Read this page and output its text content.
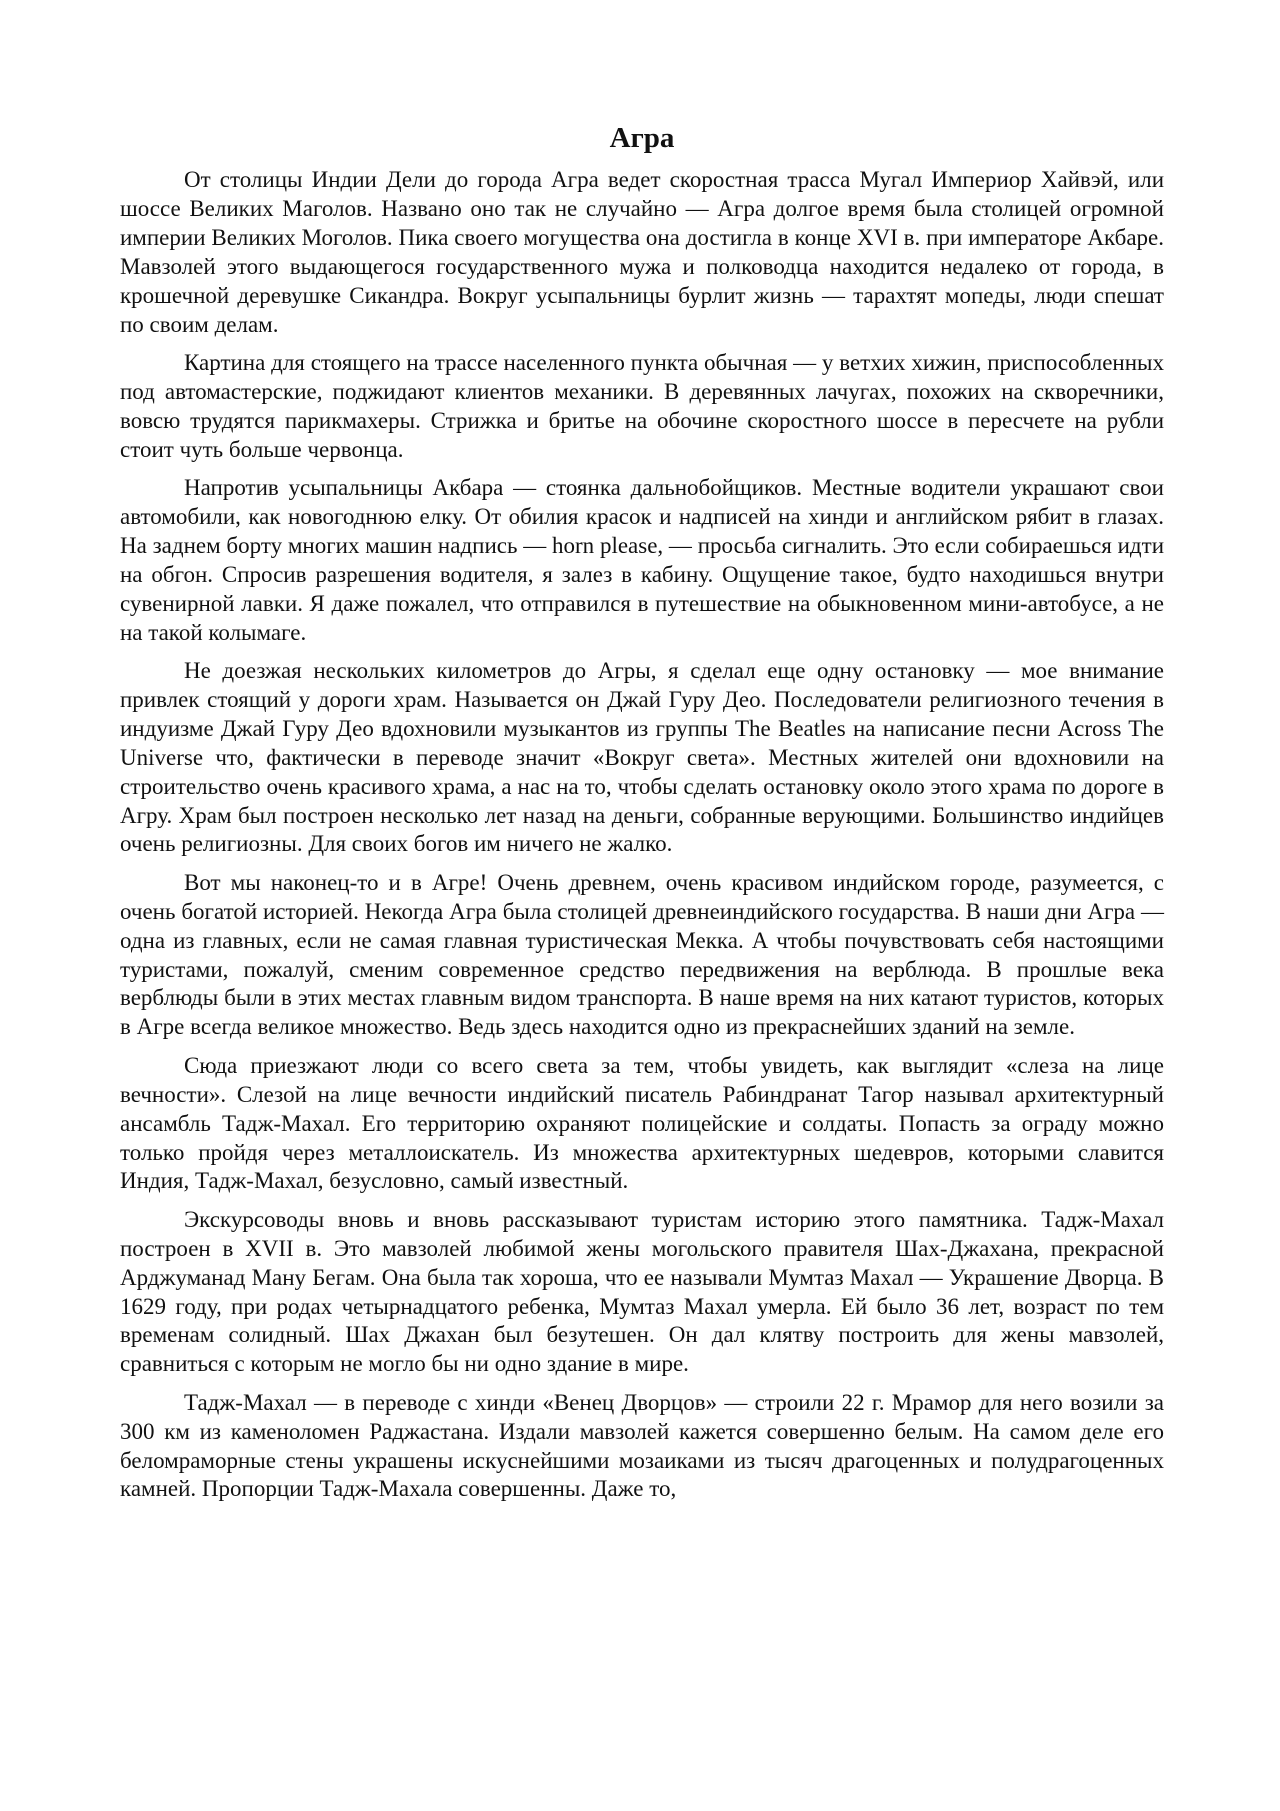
Агра

От столицы Индии Дели до города Агра ведет скоростная трасса Мугал Империор Хайвэй, или шоссе Великих Маголов. Названо оно так не случайно — Агра долгое время была столицей огромной империи Великих Моголов. Пика своего могущества она достигла в конце XVI в. при императоре Акбаре. Мавзолей этого выдающегося государственного мужа и полководца находится недалеко от города, в крошечной деревушке Сикандра. Вокруг усыпальницы бурлит жизнь — тарахтят мопеды, люди спешат по своим делам.

Картина для стоящего на трассе населенного пункта обычная — у ветхих хижин, приспособленных под автомастерские, поджидают клиентов механики. В деревянных лачугах, похожих на скворечники, вовсю трудятся парикмахеры. Стрижка и бритье на обочине скоростного шоссе в пересчете на рубли стоит чуть больше червонца.

Напротив усыпальницы Акбара — стоянка дальнобойщиков. Местные водители украшают свои автомобили, как новогоднюю елку. От обилия красок и надписей на хинди и английском рябит в глазах. На заднем борту многих машин надпись — horn please, — просьба сигналить. Это если собираешься идти на обгон. Спросив разрешения водителя, я залез в кабину. Ощущение такое, будто находишься внутри сувенирной лавки. Я даже пожалел, что отправился в путешествие на обыкновенном мини-автобусе, а не на такой колымаге.

Не доезжая нескольких километров до Агры, я сделал еще одну остановку — мое внимание привлек стоящий у дороги храм. Называется он Джай Гуру Део. Последователи религиозного течения в индуизме Джай Гуру Део вдохновили музыкантов из группы The Beatles на написание песни Across The Universe что, фактически в переводе значит «Вокруг света». Местных жителей они вдохновили на строительство очень красивого храма, а нас на то, чтобы сделать остановку около этого храма по дороге в Агру. Храм был построен несколько лет назад на деньги, собранные верующими. Большинство индийцев очень религиозны. Для своих богов им ничего не жалко.

Вот мы наконец-то и в Агре! Очень древнем, очень красивом индийском городе, разумеется, с очень богатой историей. Некогда Агра была столицей древнеиндийского государства. В наши дни Агра — одна из главных, если не самая главная туристическая Мекка. А чтобы почувствовать себя настоящими туристами, пожалуй, сменим современное средство передвижения на верблюда. В прошлые века верблюды были в этих местах главным видом транспорта. В наше время на них катают туристов, которых в Агре всегда великое множество. Ведь здесь находится одно из прекраснейших зданий на земле.

Сюда приезжают люди со всего света за тем, чтобы увидеть, как выглядит «слеза на лице вечности». Слезой на лице вечности индийский писатель Рабиндранат Тагор называл архитектурный ансамбль Тадж-Махал. Его территорию охраняют полицейские и солдаты. Попасть за ограду можно только пройдя через металлоискатель. Из множества архитектурных шедевров, которыми славится Индия, Тадж-Махал, безусловно, самый известный.

Экскурсоводы вновь и вновь рассказывают туристам историю этого памятника. Тадж-Махал построен в XVII в. Это мавзолей любимой жены могольского правителя Шах-Джахана, прекрасной Арджуманад Ману Бегам. Она была так хороша, что ее называли Мумтаз Махал — Украшение Дворца. В 1629 году, при родах четырнадцатого ребенка, Мумтаз Махал умерла. Ей было 36 лет, возраст по тем временам солидный. Шах Джахан был безутешен. Он дал клятву построить для жены мавзолей, сравниться с которым не могло бы ни одно здание в мире.

Тадж-Махал — в переводе с хинди «Венец Дворцов» — строили 22 г. Мрамор для него возили за 300 км из каменоломен Раджастана. Издали мавзолей кажется совершенно белым. На самом деле его беломраморные стены украшены искуснейшими мозаиками из тысяч драгоценных и полудрагоценных камней. Пропорции Тадж-Махала совершенны. Даже то,
